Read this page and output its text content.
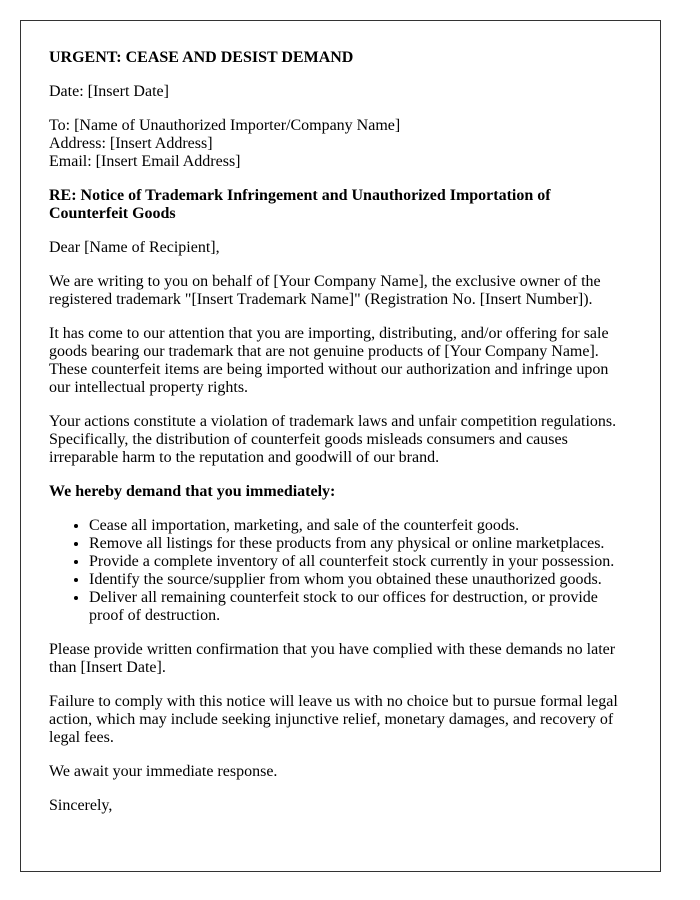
URGENT: CEASE AND DESIST DEMAND

Date: [Insert Date]

To: [Name of Unauthorized Importer/Company Name]
Address: [Insert Address]
Email: [Insert Email Address]

RE: Notice of Trademark Infringement and Unauthorized Importation of Counterfeit Goods

Dear [Name of Recipient],

We are writing to you on behalf of [Your Company Name], the exclusive owner of the registered trademark "[Insert Trademark Name]" (Registration No. [Insert Number]).

It has come to our attention that you are importing, distributing, and/or offering for sale goods bearing our trademark that are not genuine products of [Your Company Name]. These counterfeit items are being imported without our authorization and infringe upon our intellectual property rights.

Your actions constitute a violation of trademark laws and unfair competition regulations. Specifically, the distribution of counterfeit goods misleads consumers and causes irreparable harm to the reputation and goodwill of our brand.

We hereby demand that you immediately:

• Cease all importation, marketing, and sale of the counterfeit goods.
• Remove all listings for these products from any physical or online marketplaces.
• Provide a complete inventory of all counterfeit stock currently in your possession.
• Identify the source/supplier from whom you obtained these unauthorized goods.
• Deliver all remaining counterfeit stock to our offices for destruction, or provide proof of destruction.

Please provide written confirmation that you have complied with these demands no later than [Insert Date].

Failure to comply with this notice will leave us with no choice but to pursue formal legal action, which may include seeking injunctive relief, monetary damages, and recovery of legal fees.

We await your immediate response.

Sincerely,
